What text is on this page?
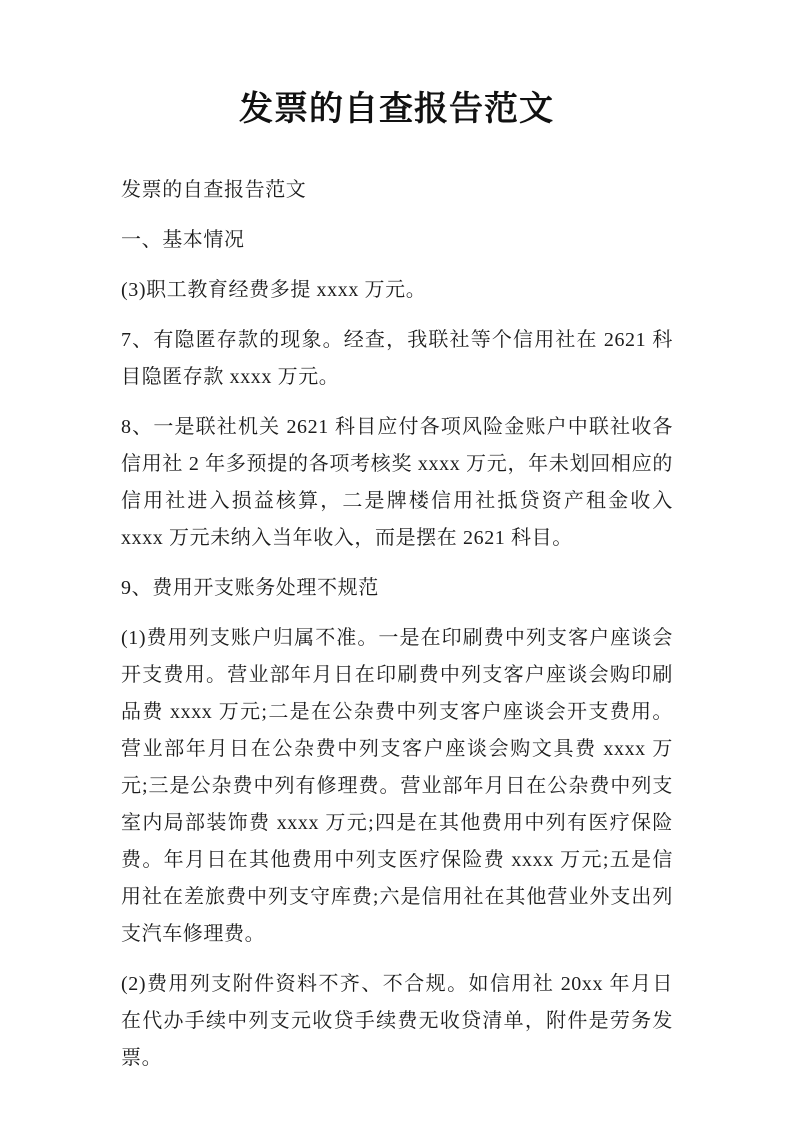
发票的自查报告范文

发票的自查报告范文

一、基本情况

(3)职工教育经费多提 xxxx 万元。

7、有隐匿存款的现象。经查，我联社等个信用社在 2621 科目隐匿存款 xxxx 万元。

8、一是联社机关 2621 科目应付各项风险金账户中联社收各信用社 2 年多预提的各项考核奖 xxxx 万元，年未划回相应的信用社进入损益核算，二是牌楼信用社抵贷资产租金收入 xxxx 万元未纳入当年收入，而是摆在 2621 科目。

9、费用开支账务处理不规范

(1)费用列支账户归属不准。一是在印刷费中列支客户座谈会开支费用。营业部年月日在印刷费中列支客户座谈会购印刷品费 xxxx 万元;二是在公杂费中列支客户座谈会开支费用。营业部年月日在公杂费中列支客户座谈会购文具费 xxxx 万元;三是公杂费中列有修理费。营业部年月日在公杂费中列支室内局部装饰费 xxxx 万元;四是在其他费用中列有医疗保险费。年月日在其他费用中列支医疗保险费 xxxx 万元;五是信用社在差旅费中列支守库费;六是信用社在其他营业外支出列支汽车修理费。

(2)费用列支附件资料不齐、不合规。如信用社 20xx 年月日在代办手续中列支元收贷手续费无收贷清单，附件是劳务发票。
